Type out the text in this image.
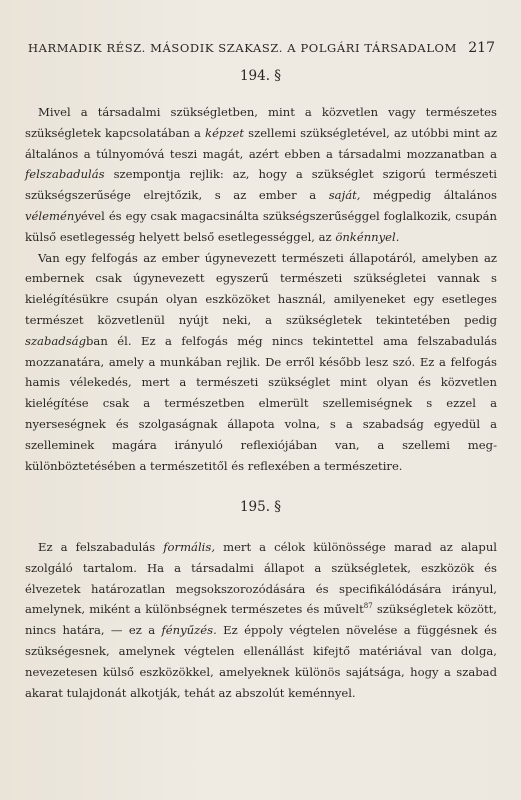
HARMADIK RÉSZ. MÁSODIK SZAKASZ. A POLGÁRI TÁRSADALOM 217
194. §

Mivel a társadalmi szükségletben, mint a közvetlen vagy természetes szükségletek kapcsolatában a képzet szellemi szükségletével, az utóbbi mint az általános a túlnyomóvá teszi magát, azért ebben a társadalmi mozzanatban a felszabadulás szempontja rejlik: az, hogy a szükséglet szigorú természeti szükségszerűsége elrejtőzik, s az ember a saját, mégpedig általános véleményével és egy csak magacsinálta szükségszerűséggel foglalkozik, csupán külső esetlegesség helyett belső esetlegességgel, az önkénnyel.

Van egy felfogás az ember úgynevezett természeti állapotáról, amelyben az embernek csak úgynevezett egyszerű természeti szükségletei vannak s kielégítésükre csupán olyan eszközöket használ, amilyeneket egy esetleges természet közvetlenül nyújt neki, a szükségletek tekintetében pedig szabadságban él. Ez a felfogás még nincs tekintettel ama felszabadulás mozzanatára, amely a munkában rejlik. De erről később lesz szó. Ez a felfogás hamis vélekedés, mert a természeti szükséglet mint olyan és közvetlen kielégítése csak a természetben elmerült szellemiségnek s ezzel a nyerseségnek és szolgaságnak állapota volna, s a szabadság egyedül a szelleminek magára irányuló reflexiójában van, a szellemi megkülönböztetésében a természetitől és reflexében a természetire.

195. §

Ez a felszabadulás formális, mert a célok különössége marad az alapul szolgáló tartalom. Ha a társadalmi állapot a szükségletek, eszközök és élvezetek határozatlan megsokszorozódására és specifikálódására irányul, amelynek, miként a különbségnek természetes és művelt$^{87}$ szükségletek között, nincs határa, — ez a fényűzés. Ez éppoly végtelen növelése a függésnek és szükségesnek, amelynek végtelen ellenállást kifejtő matériával van dolga, nevezetesen külső eszközökkel, amelyeknek különös sajátsága, hogy a szabad akarat tulajdonát alkotják, tehát az abszolút keménnyel.
